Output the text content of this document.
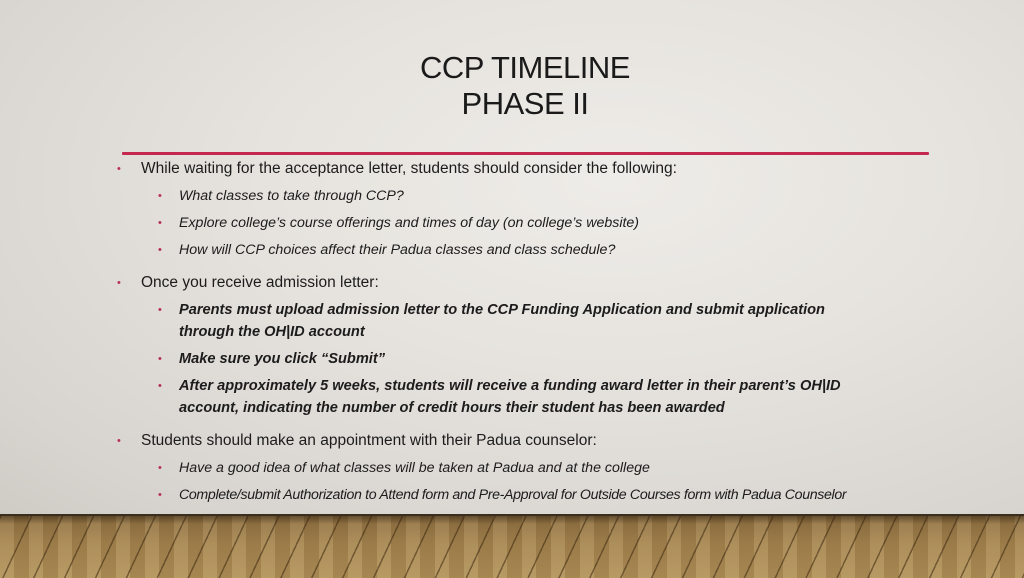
CCP TIMELINE
PHASE II
• While waiting for the acceptance letter, students should consider the following:
• What classes to take through CCP?
• Explore college’s course offerings and times of day (on college’s website)
• How will CCP choices affect their Padua classes and class schedule?
• Once you receive admission letter:
• Parents must upload admission letter to the CCP Funding Application and submit application
through the OH|ID account
• Make sure you click “Submit”
• After approximately 5 weeks, students will receive a funding award letter in their parent’s OH|ID
account, indicating the number of credit hours their student has been awarded
• Students should make an appointment with their Padua counselor:
• Have a good idea of what classes will be taken at Padua and at the college
• Complete/submit Authorization to Attend form and Pre-Approval for Outside Courses form with Padua Counselor
